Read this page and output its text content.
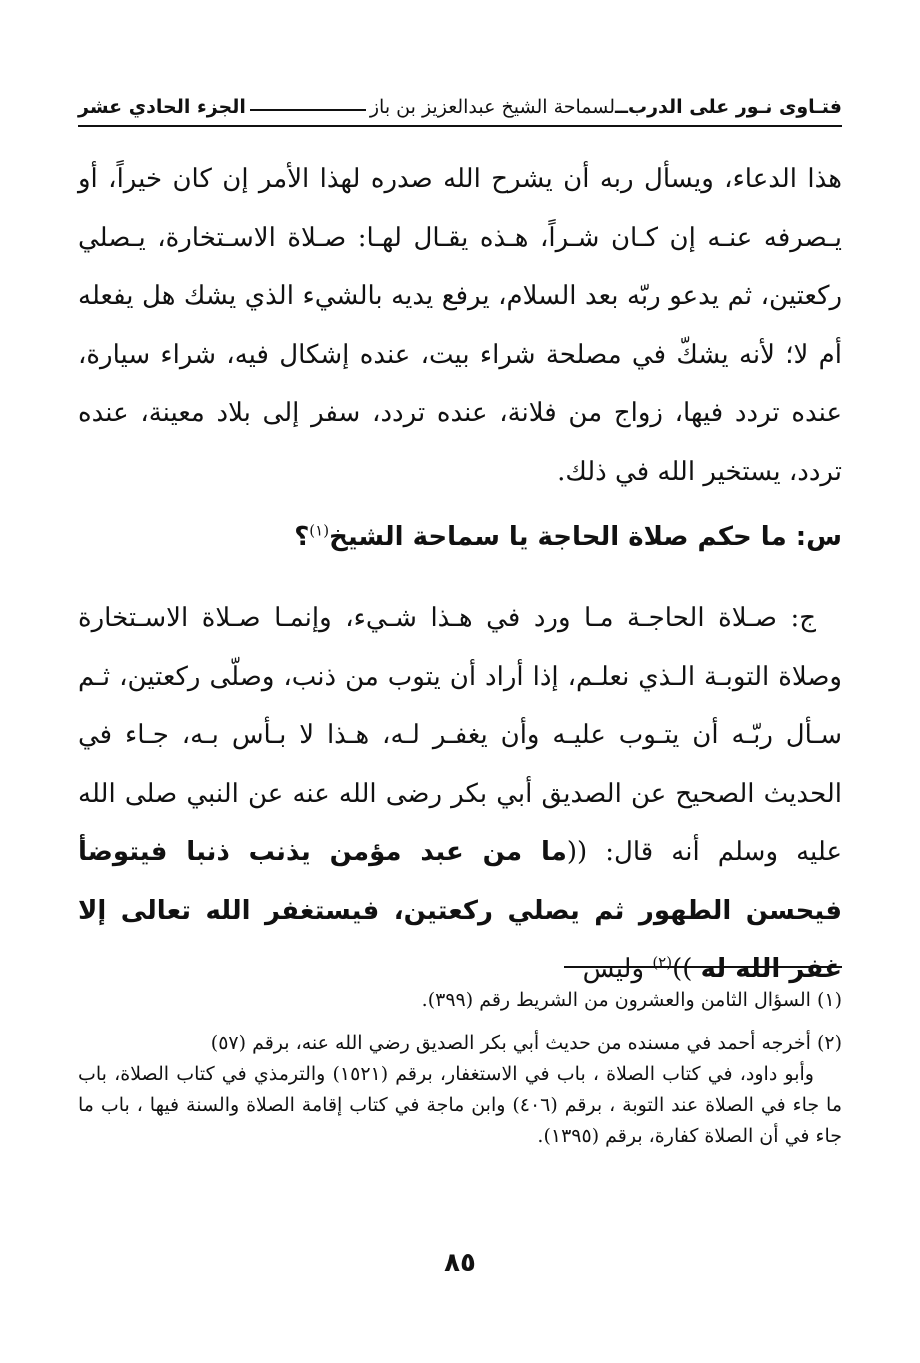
فتـاوى نـور على الدرب
ــ
لسماحة الشيخ عبدالعزيز بن باز
الجزء الحادي عشر

هذا الدعاء، ويسأل ربه أن يشرح الله صدره لهذا الأمر إن كان خيراً، أو يـصرفه عنـه إن كـان شـراً، هـذه يقـال لهـا: صـلاة الاسـتخارة، يـصلي ركعتين، ثم يدعو ربّه بعد السلام، يرفع يديه بالشيء الذي يشك هل يفعله أم لا؛ لأنه يشكّ في مصلحة شراء بيت، عنده إشكال فيه، شراء سيارة، عنده تردد فيها، زواج من فلانة، عنده تردد، سفر إلى بلاد معينة، عنده تردد، يستخير الله في ذلك.

س: ما حكم صلاة الحاجة يا سماحة الشيخ$^{(١)}$؟

ج: صـلاة الحاجـة مـا ورد في هـذا شـيء، وإنمـا صـلاة الاسـتخارة وصلاة التوبـة الـذي نعلـم، إذا أراد أن يتوب من ذنب، وصلّى ركعتين، ثـم سـأل ربّـه أن يتـوب عليـه وأن يغفـر لـه، هـذا لا بـأس بـه، جـاء في الحديث الصحيح عن الصديق أبي بكر رضى الله عنه عن النبي صلى الله عليه وسلم أنه قال: ((ما من عبد مؤمن يذنب ذنبا فيتوضأ فيحسن الطهور ثم يصلي ركعتين، فيستغفر الله تعالى إلا غفر الله له ))$^{(٢)}$ وليس

(١) السؤال الثامن والعشرون من الشريط رقم (٣٩٩).

(٢) أخرجه أحمد في مسنده من حديث أبي بكر الصديق رضي الله عنه، برقم (٥٧)
وأبو داود، في كتاب الصلاة ، باب في الاستغفار، برقم (١٥٢١) والترمذي في كتاب الصلاة، باب ما جاء في الصلاة عند التوبة ، برقم (٤٠٦) وابن ماجة في كتاب إقامة الصلاة والسنة فيها ، باب ما جاء في أن الصلاة كفارة، برقم (١٣٩٥).

٨٥
